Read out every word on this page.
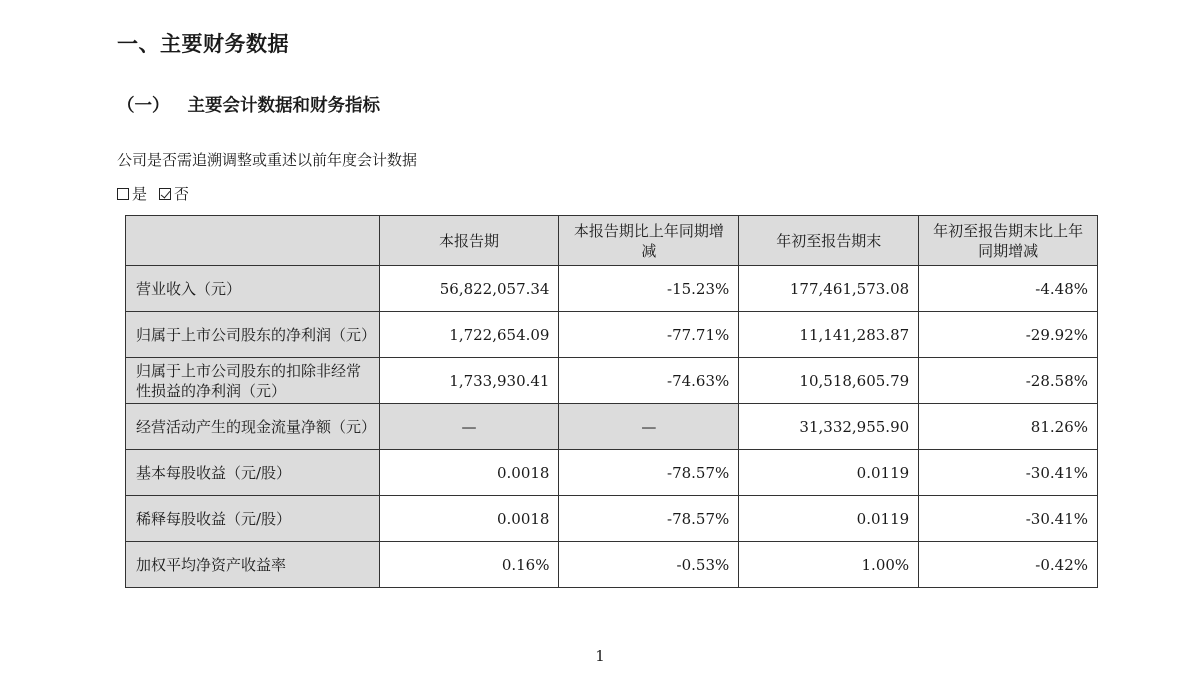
一、主要财务数据
（一） 主要会计数据和财务指标
公司是否需追溯调整或重述以前年度会计数据
是 否
	本报告期	本报告期比上年同期增减	年初至报告期末	年初至报告期末比上年同期增减
营业收入（元）	56,822,057.34	-15.23%	177,461,573.08	-4.48%
归属于上市公司股东的净利润（元）	1,722,654.09	-77.71%	11,141,283.87	-29.92%
归属于上市公司股东的扣除非经常性损益的净利润（元）	1,733,930.41	-74.63%	10,518,605.79	-28.58%
经营活动产生的现金流量净额（元）	—	—	31,332,955.90	81.26%
基本每股收益（元/股）	0.0018	-78.57%	0.0119	-30.41%
稀释每股收益（元/股）	0.0018	-78.57%	0.0119	-30.41%
加权平均净资产收益率	0.16%	-0.53%	1.00%	-0.42%
1
